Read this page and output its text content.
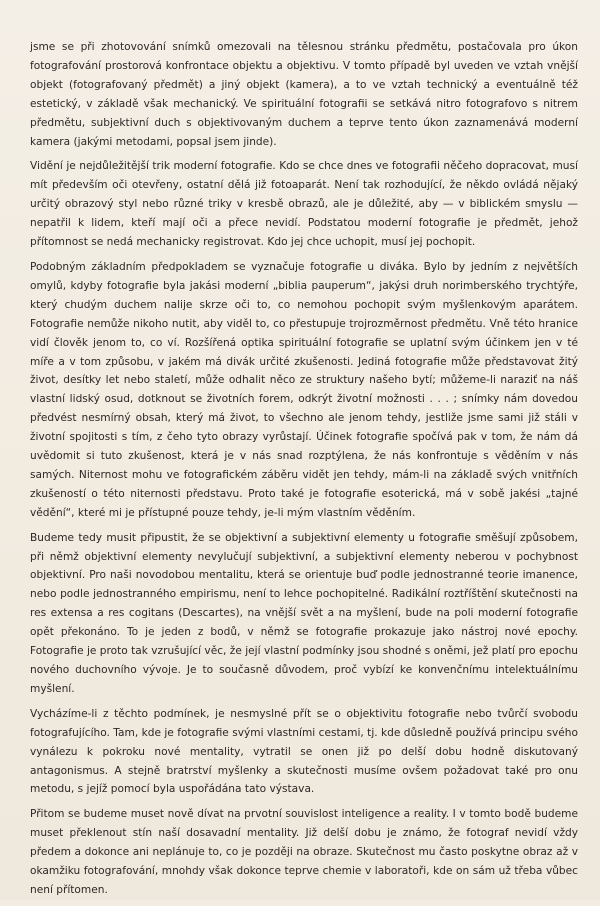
jsme se při zhotovování snímků omezovali na tělesnou stránku předmětu, postačovala pro úkon fotografování prostorová konfrontace objektu a objektivu. V tomto případě byl uveden ve vztah vnější objekt (fotografovaný předmět) a jiný objekt (kamera), a to ve vztah technický a eventuálně též estetický, v základě však mechanický. Ve spirituální fotografii se setkává nitro fotografovo s nitrem předmětu, subjektivní duch s objektivovaným duchem a teprve tento úkon zaznamenává moderní kamera (jakými metodami, popsal jsem jinde).

Vidění je nejdůležitější trik moderní fotografie. Kdo se chce dnes ve fotografii něčeho dopracovat, musí mít především oči otevřeny, ostatní dělá již fotoaparát. Není tak rozhodující, že někdo ovládá nějaký určitý obrazový styl nebo různé triky v kresbě obrazů, ale je důležité, aby — v biblickém smyslu — nepatřil k lidem, kteří mají oči a přece nevidí. Podstatou moderní fotografie je předmět, jehož přítomnost se nedá mechanicky registrovat. Kdo jej chce uchopit, musí jej pochopit.

Podobným základním předpokladem se vyznačuje fotografie u diváka. Bylo by jedním z největších omylů, kdyby fotografie byla jakási moderní „biblia pauperum“, jakýsi druh norimberského trychtýře, který chudým duchem nalije skrze oči to, co nemohou pochopit svým myšlenkovým aparátem. Fotografie nemůže nikoho nutit, aby viděl to, co přestupuje trojrozměrnost předmětu. Vně této hranice vidí člověk jenom to, co ví. Rozšířená optika spirituální fotografie se uplatní svým účinkem jen v té míře a v tom způsobu, v jakém má divák určité zkušenosti. Jediná fotografie může představovat žitý život, desítky let nebo staletí, může odhalit něco ze struktury našeho bytí; můžeme-li naraziť na náš vlastní lidský osud, dotknout se životních forem, odkrýt životní možnosti . . . ; snímky nám dovedou předvést nesmírný obsah, který má život, to všechno ale jenom tehdy, jestliže jsme sami již stáli v životní spojitosti s tím, z čeho tyto obrazy vyrůstají. Účinek fotografie spočívá pak v tom, že nám dá uvědomit si tuto zkušenost, která je v nás snad rozptýlena, že nás konfrontuje s věděním v nás samých. Niternost mohu ve fotografickém záběru vidět jen tehdy, mám-li na základě svých vnitřních zkušeností o této niternosti představu. Proto také je fotografie esoterická, má v sobě jakési „tajné vědění“, které mi je přístupné pouze tehdy, je-li mým vlastním věděním.

Budeme tedy musit připustit, že se objektivní a subjektivní elementy u fotografie směšují způsobem, při němž objektivní elementy nevylučují subjektivní, a subjektivní elementy neberou v pochybnost objektivní. Pro naši novodobou mentalitu, která se orientuje buď podle jednostranné teorie imanence, nebo podle jednostranného empirismu, není to lehce pochopitelné. Radikální roztříštění skutečnosti na res extensa a res cogitans (Descartes), na vnější svět a na myšlení, bude na poli moderní fotografie opět překonáno. To je jeden z bodů, v němž se fotografie prokazuje jako nástroj nové epochy. Fotografie je proto tak vzrušující věc, že její vlastní podmínky jsou shodné s oněmi, jež platí pro epochu nového duchovního vývoje. Je to současně důvodem, proč vybízí ke konvenčnímu intelektuálnímu myšlení.

Vycházíme-li z těchto podmínek, je nesmyslné přít se o objektivitu fotografie nebo tvůrčí svobodu fotografujícího. Tam, kde je fotografie svými vlastními cestami, tj. kde důsledně používá principu svého vynálezu k pokroku nové mentality, vytratil se onen již po delší dobu hodně diskutovaný antagonismus. A stejně bratrství myšlenky a skutečnosti musíme ovšem požadovat také pro onu metodu, s jejíž pomocí byla uspořádána tato výstava.

Přitom se budeme muset nově dívat na prvotní souvislost inteligence a reality. I v tomto bodě budeme muset překlenout stín naší dosavadní mentality. Již delší dobu je známo, že fotograf nevidí vždy předem a dokonce ani neplánuje to, co je později na obraze. Skutečnost mu často poskytne obraz až v okamžiku fotografování, mnohdy však dokonce teprve chemie v laboratoři, kde on sám už třeba vůbec není přítomen.
